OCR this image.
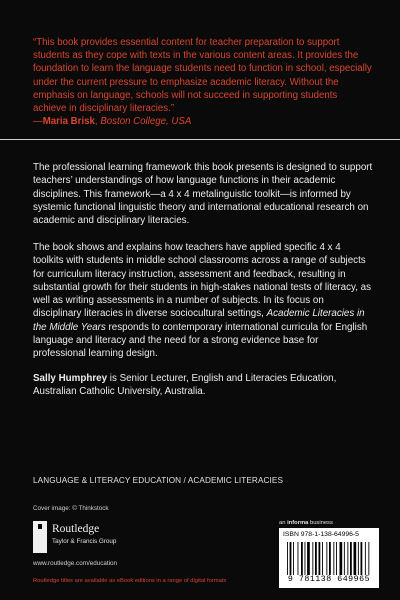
“This book provides essential content for teacher preparation to support students as they cope with texts in the various content areas. It provides the foundation to learn the language students need to function in school, especially under the current pressure to emphasize academic literacy. Without the emphasis on language, schools will not succeed in supporting students achieve in disciplinary literacies.”
—Maria Brisk, Boston College, USA
The professional learning framework this book presents is designed to support teachers’ understandings of how language functions in their academic disciplines. This framework—a 4 x 4 metalinguistic toolkit—is informed by systemic functional linguistic theory and international educational research on academic and disciplinary literacies.
The book shows and explains how teachers have applied specific 4 x 4 toolkits with students in middle school classrooms across a range of subjects for curriculum literacy instruction, assessment and feedback, resulting in substantial growth for their students in high-stakes national tests of literacy, as well as writing assessments in a number of subjects. In its focus on disciplinary literacies in diverse sociocultural settings, Academic Literacies in the Middle Years responds to contemporary international curricula for English language and literacy and the need for a strong evidence base for professional learning design.
Sally Humphrey is Senior Lecturer, English and Literacies Education, Australian Catholic University, Australia.
LANGUAGE & LITERACY EDUCATION / ACADEMIC LITERACIES
Cover image: © Thinkstock
Routledge
Taylor & Francis Group
www.routledge.com/education
Routledge titles are available as eBook editions in a range of digital formats
an informa business
ISBN 978-1-138-64996-5
9 781138 649965
